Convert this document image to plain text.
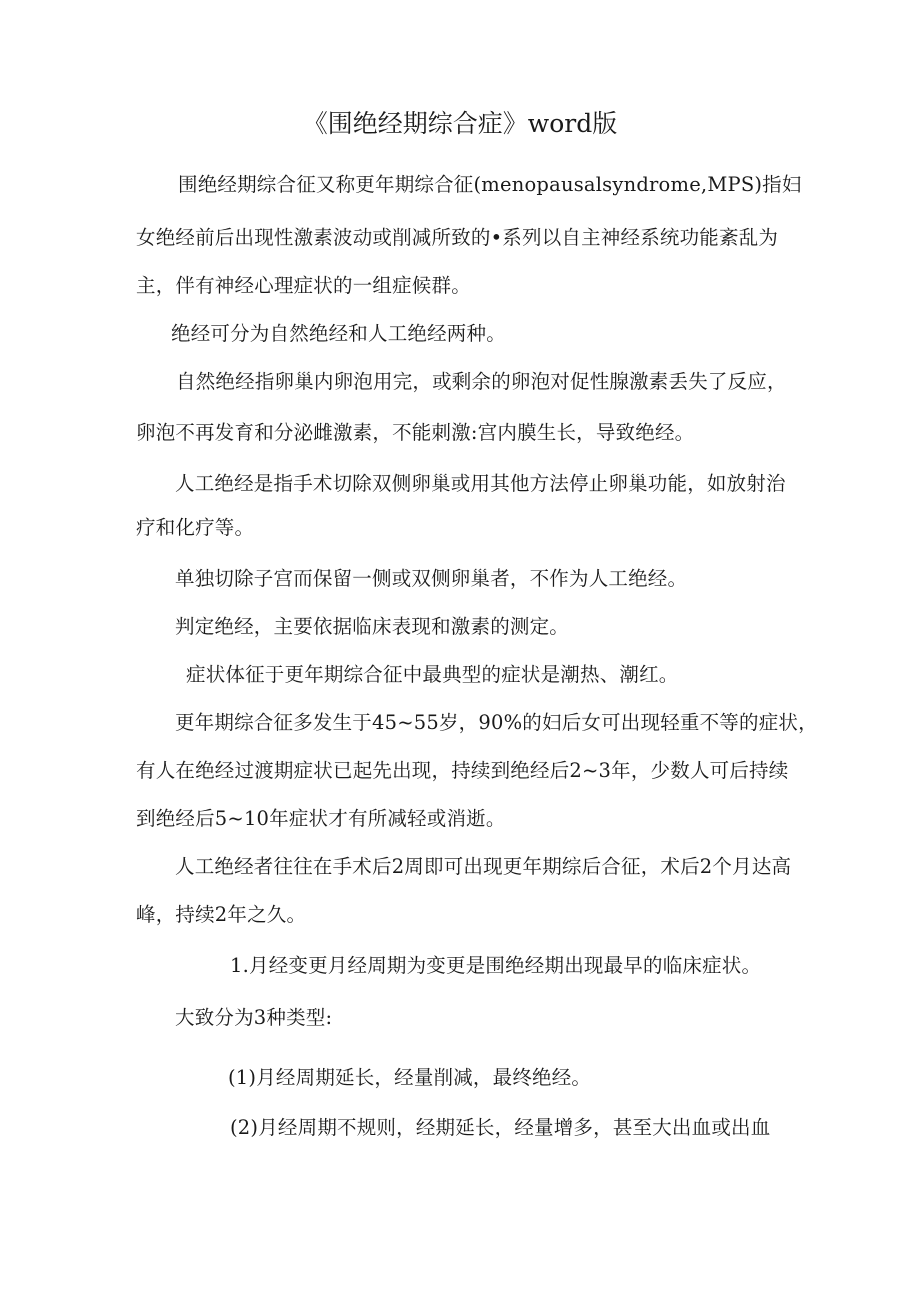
《围绝经期综合症》word版
围绝经期综合征又称更年期综合征(menopausalsyndrome,MPS)指妇
女绝经前后出现性激素波动或削减所致的•系列以自主神经系统功能紊乱为
主，伴有神经心理症状的一组症候群。
绝经可分为自然绝经和人工绝经两种。
自然绝经指卵巢内卵泡用完，或剩余的卵泡对促性腺激素丢失了反应，
卵泡不再发育和分泌雌激素，不能刺激:宫内膜生长，导致绝经。
人工绝经是指手术切除双侧卵巢或用其他方法停止卵巢功能，如放射治
疗和化疗等。
单独切除子宫而保留一侧或双侧卵巢者，不作为人工绝经。
判定绝经，主要依据临床表现和激素的测定。
症状体征于更年期综合征中最典型的症状是潮热、潮红。
更年期综合征多发生于45~55岁，90%的妇后女可出现轻重不等的症状，
有人在绝经过渡期症状已起先出现，持续到绝经后2~3年，少数人可后持续
到绝经后5~10年症状才有所减轻或消逝。
人工绝经者往往在手术后2周即可出现更年期综后合征，术后2个月达高
峰，持续2年之久。
1.月经变更月经周期为变更是围绝经期出现最早的临床症状。
大致分为3种类型:
(1)月经周期延长，经量削减，最终绝经。
(2)月经周期不规则，经期延长，经量增多，甚至大出血或出血
